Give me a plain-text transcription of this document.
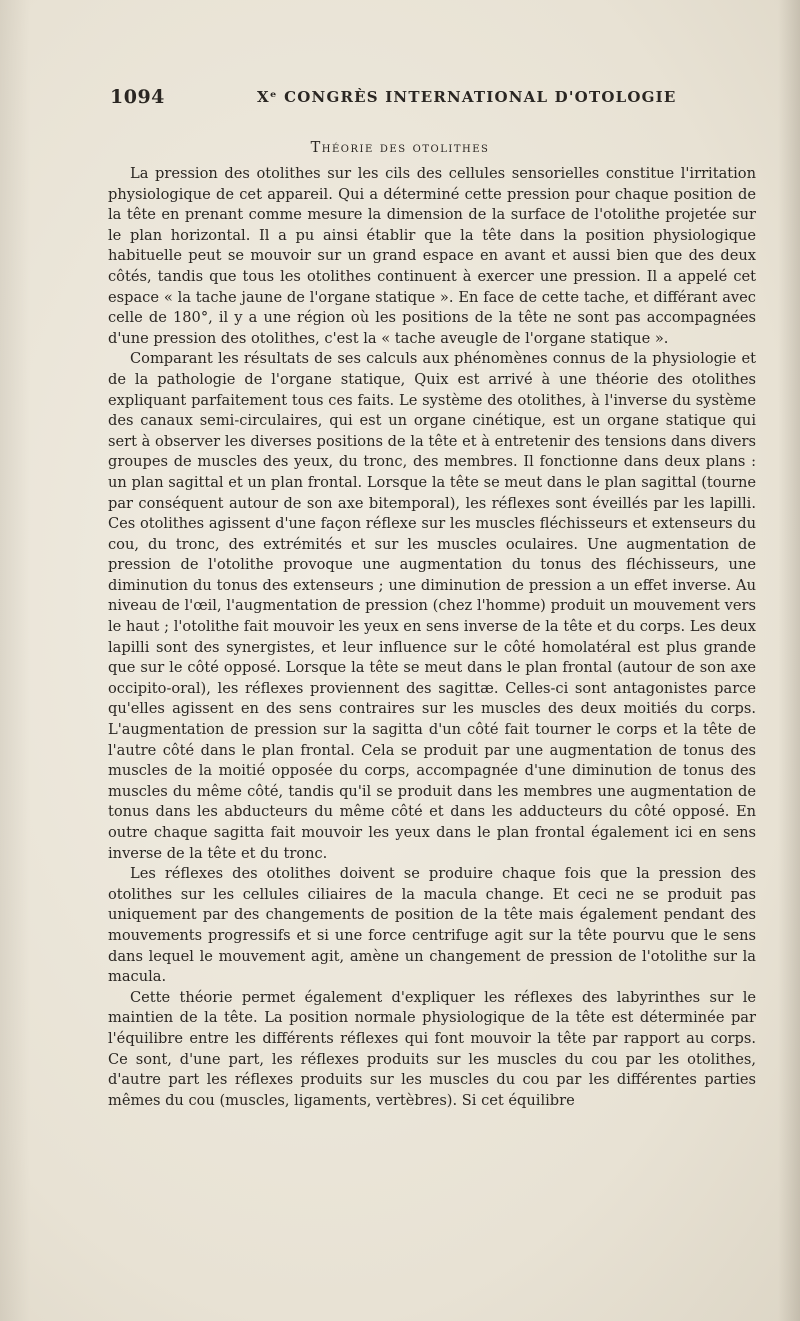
1094	Xᵉ CONGRÈS INTERNATIONAL D'OTOLOGIE
Théorie des otolithes

La pression des otolithes sur les cils des cellules sensorielles constitue l'irritation physiologique de cet appareil. Qui a déterminé cette pression pour chaque position de la tête en prenant comme mesure la dimension de la surface de l'otolithe projetée sur le plan horizontal. Il a pu ainsi établir que la tête dans la position physiologique habituelle peut se mouvoir sur un grand espace en avant et aussi bien que des deux côtés, tandis que tous les otolithes continuent à exercer une pression. Il a appelé cet espace « la tache jaune de l'organe statique ». En face de cette tache, et différant avec celle de 180°, il y a une région où les positions de la tête ne sont pas accompagnées d'une pression des otolithes, c'est la « tache aveugle de l'organe statique ».

Comparant les résultats de ses calculs aux phénomènes connus de la physiologie et de la pathologie de l'organe statique, Quix est arrivé à une théorie des otolithes expliquant parfaitement tous ces faits. Le système des otolithes, à l'inverse du système des canaux semi-circulaires, qui est un organe cinétique, est un organe statique qui sert à observer les diverses positions de la tête et à entretenir des tensions dans divers groupes de muscles des yeux, du tronc, des membres. Il fonctionne dans deux plans : un plan sagittal et un plan frontal. Lorsque la tête se meut dans le plan sagittal (tourne par conséquent autour de son axe bitemporal), les réflexes sont éveillés par les lapilli. Ces otolithes agissent d'une façon réflexe sur les muscles fléchisseurs et extenseurs du cou, du tronc, des extrémités et sur les muscles oculaires. Une augmentation de pression de l'otolithe provoque une augmentation du tonus des fléchisseurs, une diminution du tonus des extenseurs ; une diminution de pression a un effet inverse. Au niveau de l'œil, l'augmentation de pression (chez l'homme) produit un mouvement vers le haut ; l'otolithe fait mouvoir les yeux en sens inverse de la tête et du corps. Les deux lapilli sont des synergistes, et leur influence sur le côté homolatéral est plus grande que sur le côté opposé. Lorsque la tête se meut dans le plan frontal (autour de son axe occipito-oral), les réflexes proviennent des sagittæ. Celles-ci sont antagonistes parce qu'elles agissent en des sens contraires sur les muscles des deux moitiés du corps. L'augmentation de pression sur la sagitta d'un côté fait tourner le corps et la tête de l'autre côté dans le plan frontal. Cela se produit par une augmentation de tonus des muscles de la moitié opposée du corps, accompagnée d'une diminution de tonus des muscles du même côté, tandis qu'il se produit dans les membres une augmentation de tonus dans les abducteurs du même côté et dans les adducteurs du côté opposé. En outre chaque sagitta fait mouvoir les yeux dans le plan frontal également ici en sens inverse de la tête et du tronc.

Les réflexes des otolithes doivent se produire chaque fois que la pression des otolithes sur les cellules ciliaires de la macula change. Et ceci ne se produit pas uniquement par des changements de position de la tête mais également pendant des mouvements progressifs et si une force centrifuge agit sur la tête pourvu que le sens dans lequel le mouvement agit, amène un changement de pression de l'otolithe sur la macula.

Cette théorie permet également d'expliquer les réflexes des labyrinthes sur le maintien de la tête. La position normale physiologique de la tête est déterminée par l'équilibre entre les différents réflexes qui font mouvoir la tête par rapport au corps. Ce sont, d'une part, les réflexes produits sur les muscles du cou par les otolithes, d'autre part les réflexes produits sur les muscles du cou par les différentes parties mêmes du cou (muscles, ligaments, vertèbres). Si cet équilibre
